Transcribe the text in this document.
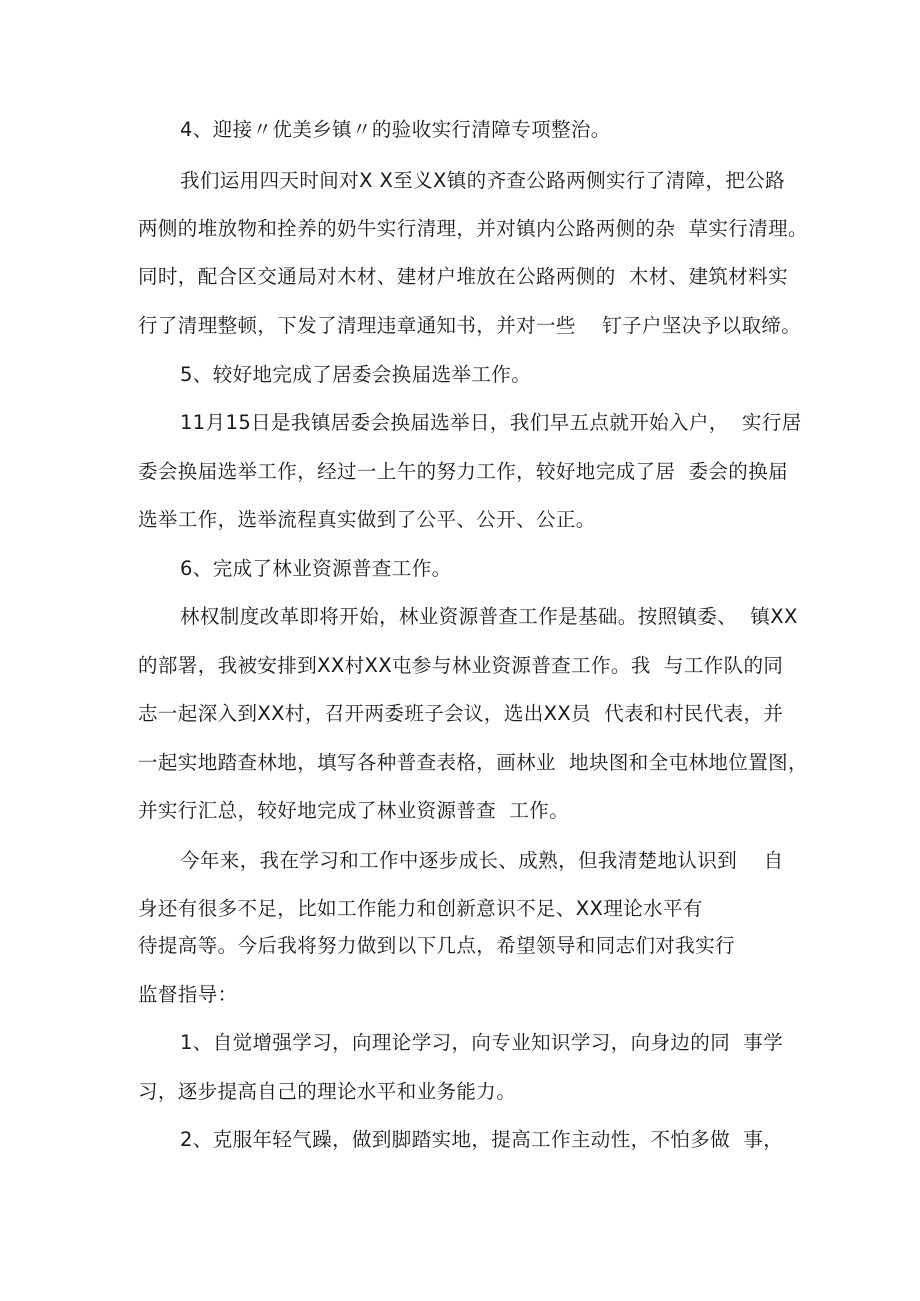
4、迎接〃优美乡镇〃的验收实行清障专项整治。
我们运用四天时间对X X至义X镇的齐查公路两侧实行了清障，把公路
两侧的堆放物和拴养的奶牛实行清理，并对镇内公路两侧的杂  草实行清理。
同时，配合区交通局对木材、建材户堆放在公路两侧的  木材、建筑材料实
行了清理整顿，下发了清理违章通知书，并对一些    钉子户坚决予以取缔。
5、较好地完成了居委会换届选举工作。
11月15日是我镇居委会换届选举日，我们早五点就开始入户，  实行居
委会换届选举工作，经过一上午的努力工作，较好地完成了居  委会的换届
选举工作，选举流程真实做到了公平、公开、公正。
6、完成了林业资源普查工作。
林权制度改革即将开始，林业资源普查工作是基础。按照镇委、  镇XX
的部署，我被安排到XX村XX屯参与林业资源普查工作。我  与工作队的同
志一起深入到XX村，召开两委班子会议，选出XX员  代表和村民代表，并
一起实地踏查林地，填写各种普查表格，画林业  地块图和全屯林地位置图，
并实行汇总，较好地完成了林业资源普查  工作。
今年来，我在学习和工作中逐步成长、成熟，但我清楚地认识到    自
身还有很多不足，比如工作能力和创新意识不足、XX理论水平有
待提高等。今后我将努力做到以下几点，希望领导和同志们对我实行
监督指导：
1、自觉增强学习，向理论学习，向专业知识学习，向身边的同  事学
习，逐步提高自己的理论水平和业务能力。
2、克服年轻气躁，做到脚踏实地，提高工作主动性，不怕多做  事，
